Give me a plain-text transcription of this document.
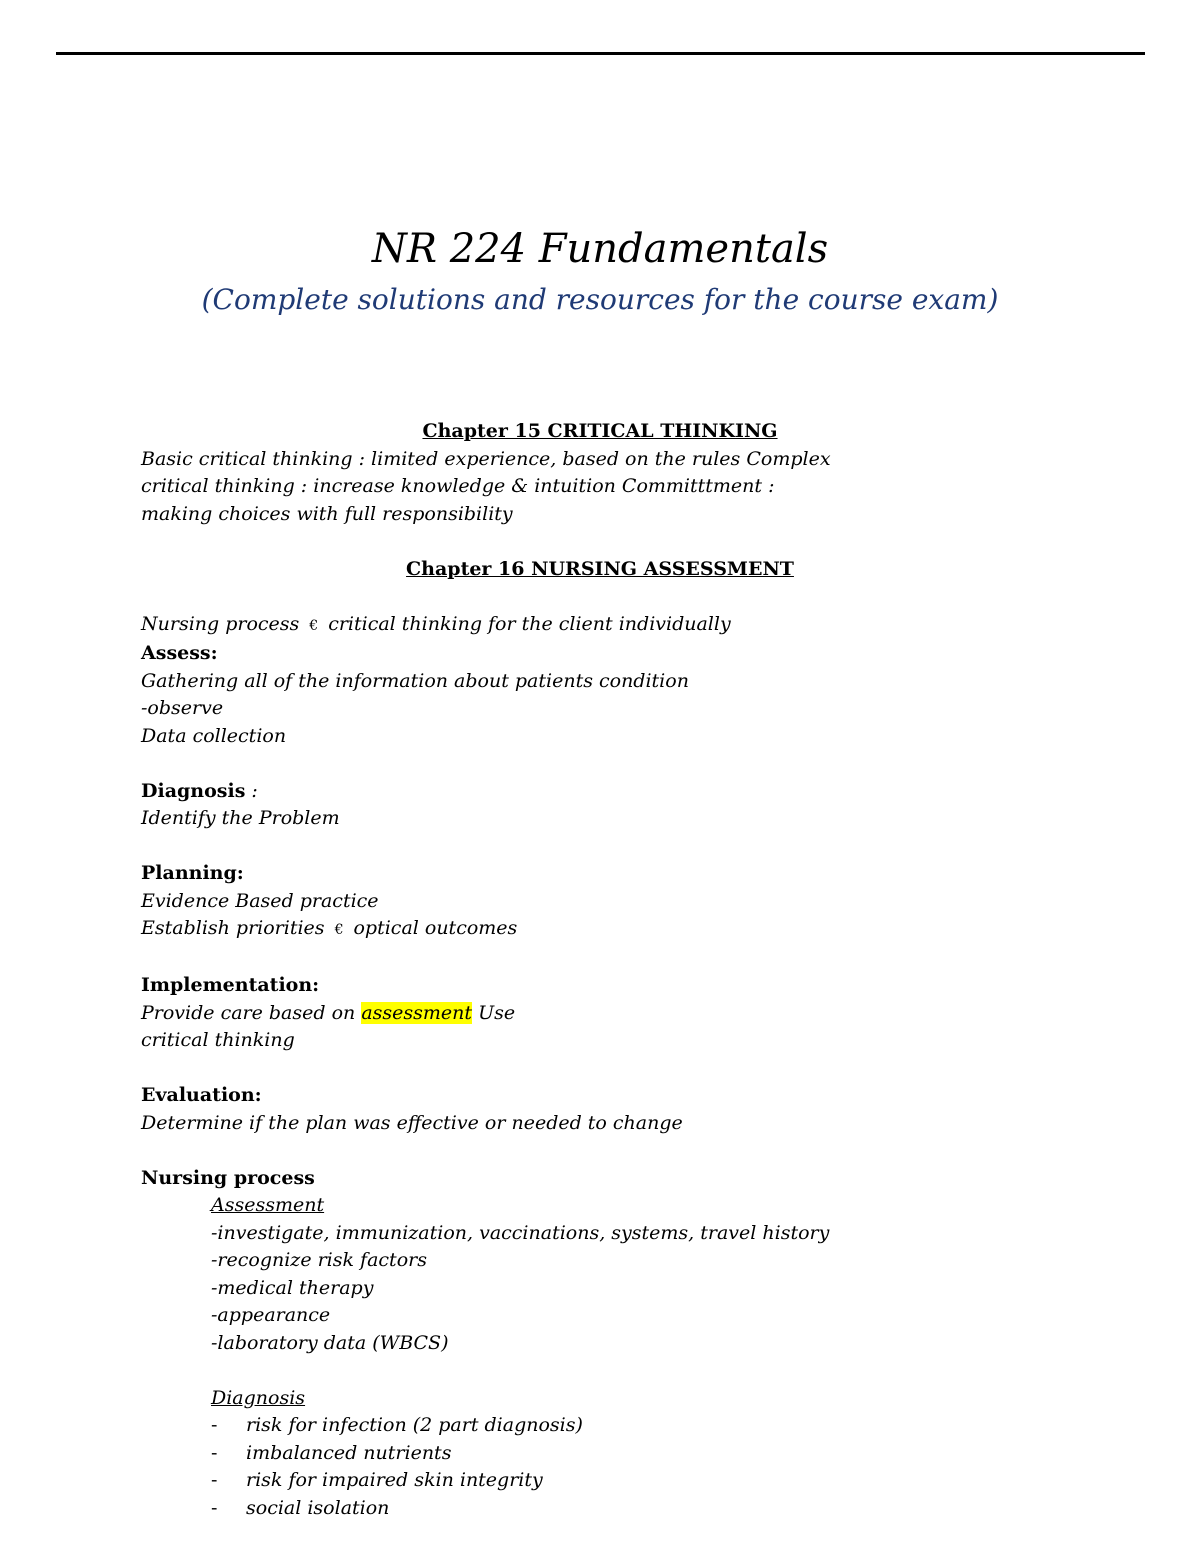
NR 224 Fundamentals
(Complete solutions and resources for the course exam)
Chapter 15 CRITICAL THINKING
Basic critical thinking : limited experience, based on the rules Complex
critical thinking : increase knowledge & intuition Committtment :
making choices with full responsibility
Chapter 16 NURSING ASSESSMENT
Nursing process € critical thinking for the client individually
Assess:
Gathering all of the information about patients condition
-observe
Data collection
Diagnosis :
Identify the Problem
Planning:
Evidence Based practice
Establish priorities € optical outcomes
Implementation:
Provide care based on assessment Use
critical thinking
Evaluation:
Determine if the plan was effective or needed to change
Nursing process
Assessment
-investigate, immunization, vaccinations, systems, travel history
-recognize risk factors
-medical therapy
-appearance
-laboratory data (WBCS)
Diagnosis
- risk for infection (2 part diagnosis)
- imbalanced nutrients
- risk for impaired skin integrity
- social isolation
